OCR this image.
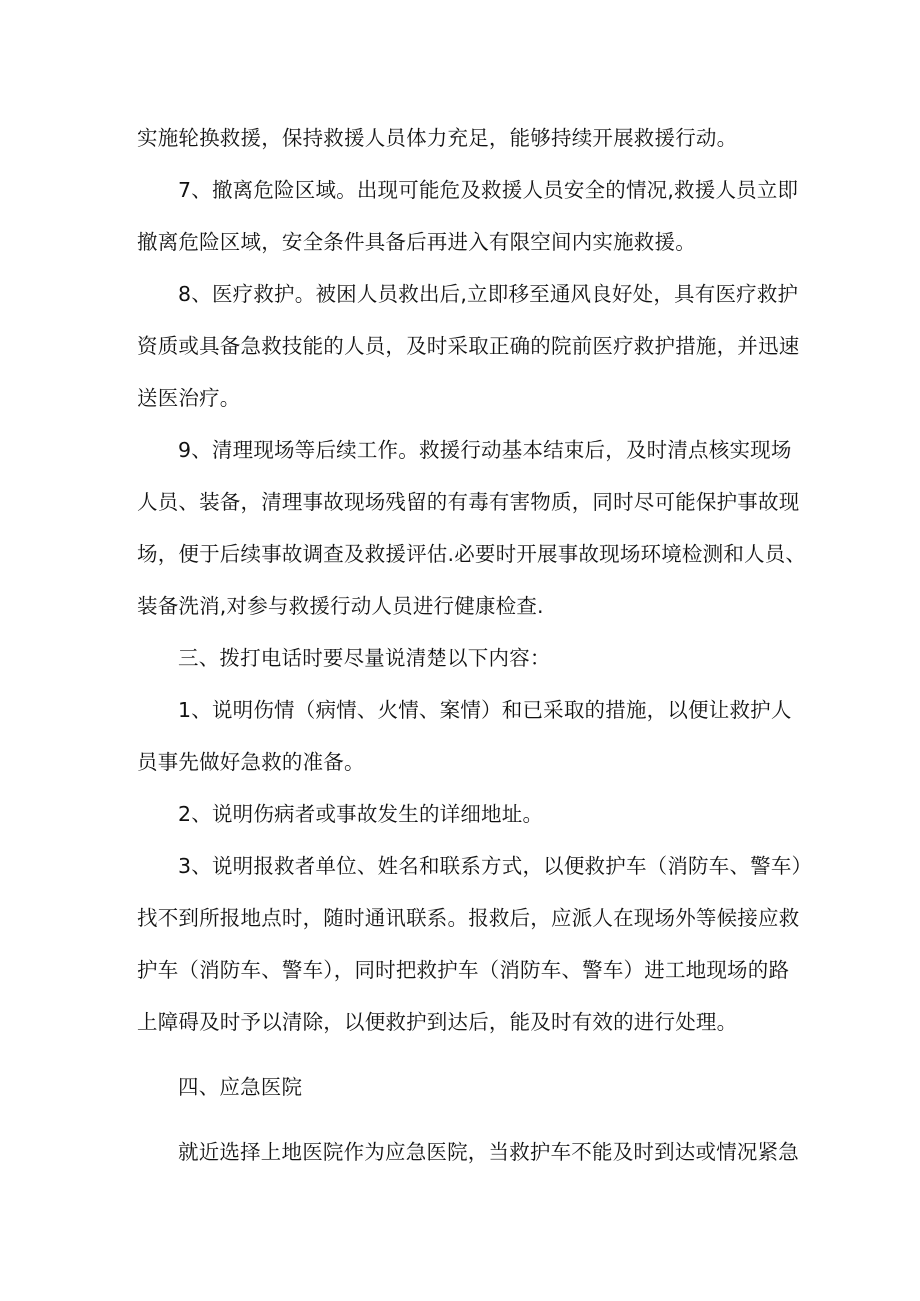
实施轮换救援，保持救援人员体力充足，能够持续开展救援行动。
7、撤离危险区域。出现可能危及救援人员安全的情况,救援人员立即
撤离危险区域，安全条件具备后再进入有限空间内实施救援。
8、医疗救护。被困人员救出后,立即移至通风良好处，具有医疗救护
资质或具备急救技能的人员，及时采取正确的院前医疗救护措施，并迅速
送医治疗。
9、清理现场等后续工作。救援行动基本结束后，及时清点核实现场
人员、装备，清理事故现场残留的有毒有害物质，同时尽可能保护事故现
场，便于后续事故调查及救援评估.必要时开展事故现场环境检测和人员、
装备洗消,对参与救援行动人员进行健康检查.
三、拨打电话时要尽量说清楚以下内容：
1、说明伤情（病情、火情、案情）和已采取的措施，以便让救护人
员事先做好急救的准备。
2、说明伤病者或事故发生的详细地址。
3、说明报救者单位、姓名和联系方式，以便救护车（消防车、警车）
找不到所报地点时，随时通讯联系。报救后，应派人在现场外等候接应救
护车（消防车、警车），同时把救护车（消防车、警车）进工地现场的路
上障碍及时予以清除，以便救护到达后，能及时有效的进行处理。
四、应急医院
就近选择上地医院作为应急医院，当救护车不能及时到达或情况紧急
